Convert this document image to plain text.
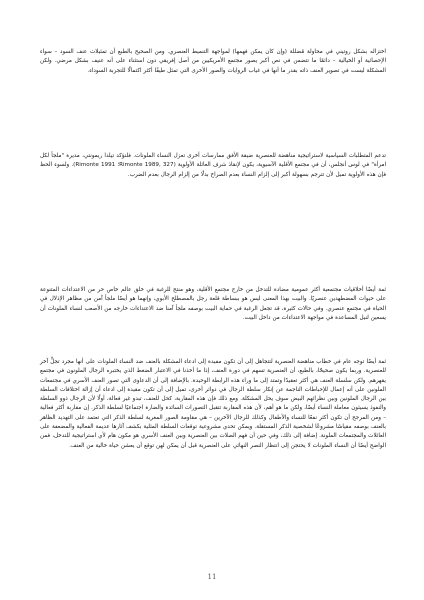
اختزاله بشكل روتيني في محاولة مُضللة (وإن كان يمكن فهمها) لمواجهة التنميط العنصري. ومن الصحيح بالطبع أن تمثيلات عنف السود – سواء الإحصائية أو الخيالية – دائمًا ما تتضمن في نص أكبر يصور مجتمع الأمريكيين من أصل إفريقي دون استثناء على أنه عنيف بشكل مرضي. ولكن المشكلة ليست في تصوير العنف ذاته بقدر ما أنها في غياب الروايات والصور الأخرى التي تمثل طيفًا أكثر اكتمالًا للتجربة السوداء.

تدعم المتطلبات السياسية لاستراتيجية مناهضة للعنصرية ضيقة الأفق ممارسات أخرى تعزل النساء الملونات. فلنؤكد تيلدا ريمونتي، مديرة "ملجأ لكل امرأة" في لوس أنجلس، أن في مجتمع الأقلية الآسيوية، يكون لإنقاذ شرف العائلة الأولوية (Rimonte 1989, 327؛ Rimonte 1991). ولسوء الحظ فإن هذه الأولوية تميل لأن تترجم بسهولة أكبر إلى إلزام النساء بعدم الصراخ بدلًا من إلزام الرجال بعدم الضرب.

ثمة أيضًا أخلاقيات مجتمعية أكثر عمومية مضادة للتدخل من خارج مجتمع الأقلية، وهو منتج للرغبة في خلق عالم خاص حر من الاعتداءات المتنوعة على حيوات المضطهدين عنصريًا. والبيت بهذا المعنى ليس هو ببساطة قلعة رجل بالمصطلح الأبوي، وإنهما هو أيضًا ملجأ آمن من مظاهر الإذلال في الحياة في مجتمع عنصري. وفي حالات كثيرة، قد تجعل الرغبة في حماية البيت بوصفه ملجأ آمنا ضد الاعتداءات خارجه من الأصعب لنساء الملونات أن يسعين لنيل المساعدة في مواجهة الاعتداءات من داخل البيت.

ثمة أيضًا توجه عام في خطاب مناهضة العنصرية لتتجاهل إلى أن تكون مفيدة إلى ادعاء المشكلة بالعنف ضد النساء الملونات على أنها مجرد تجلٍّ آخر للعنصرية. وربما يكون صحيحًا، بالطبع، أن العنصرية تسهم في دورة العنف، إذا ما أخذنا في الاعتبار الضغط الذي يختبره الرجال الملونون في مجتمع يقهرهم. ولكن سلسلة العنف هي أكثر تعقيدًا وتمتد إلى ما وراء هذه الرابطة الوحيدة. بالإضافة إلى أن الدعاوى التي تصور العنف الأسري في مجتمعات الملونين على أنه إعمال للإحباطات الناجمة عن إنكار سلطة الرجال في دوائر أخرى، تميل إلى أن تكون مقيدة إلى ادعاء أن إزالة اختلافات السلطة بين الرجال الملونين وبين نظرائهم البيض سوف يحل المشكلة. ومع ذلك فإن هذه المقاربة، كحل للعنف، تبدو غير فعالة، أولًا لأن الرجال ذوو السلطة والنفوذ يسيئون معاملة النساء أيضًا، ولكن ما هو أهم، لأن هذه المقاربة تتقبل التصورات السائدة والضارة اجتماعيًا لسلطة الذكر. إن مقاربة أكثر فعالية – ومن المرجح أن تكون أكثر نفعًا للنساء والأطفال وكذلك للرجال الآخرين – هي مقاومة الصور المغرية لسلطة الذكر التي تعتمد على التهديد الظاهر بالعنف بوصفه مقياسًا مشروعًا لشخصية الذكر المستقلة. ويمكن تحدي مشروعية توقعات السلطة المثلية بكشف آثارها عديمة الفعالية والمضعفة على العائلات والمجتمعات الملونة. إضافة إلى ذلك، وفي حين أن فهم الصلات بين العنصرية وبين العنف الأسري هو مكون هام لأي استراتيجية للتدخل، فمن الواضح أيضًا أن النساء الملونات لا يحتجن إلى انتظار النصر النهائي على العنصرية قبل أن يمكن لهن توقع أن يعشن حياة خالية من العنف.

11
